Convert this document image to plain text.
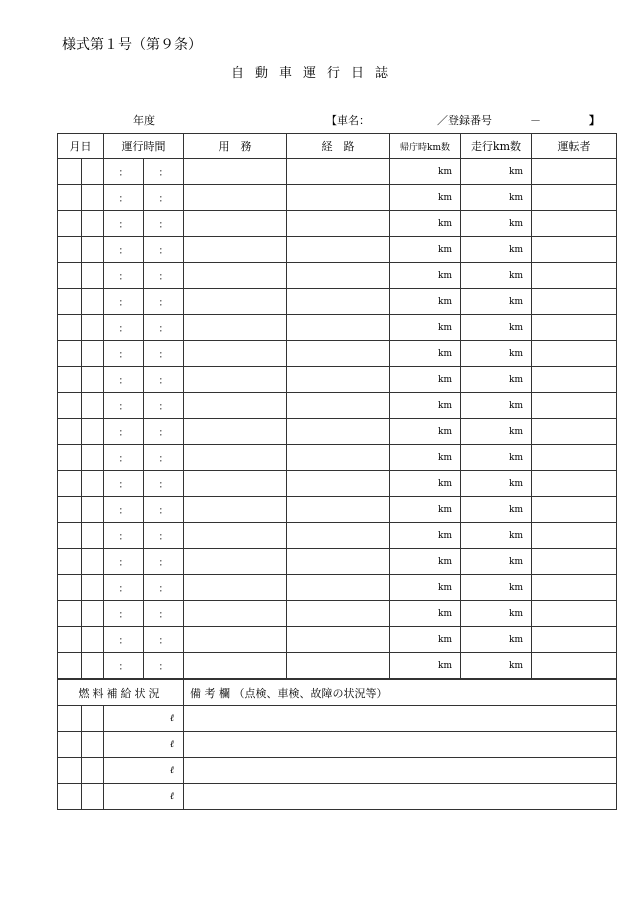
様式第１号（第９条）
自動車運行日誌
年度	【車名：	／登録番号	－	】
月日		運行時間		用　務	経　路	帰庁時km数	走行km数	運転者
		：	：			km	km	
		：	：			km	km	
		：	：			km	km	
		：	：			km	km	
		：	：			km	km	
		：	：			km	km	
		：	：			km	km	
		：	：			km	km	
		：	：			km	km	
		：	：			km	km	
		：	：			km	km	
		：	：			km	km	
		：	：			km	km	
		：	：			km	km	
		：	：			km	km	
		：	：			km	km	
		：	：			km	km	
		：	：			km	km	
		：	：			km	km	
		：	：			km	km	
燃料補給状況				備 考 欄 （点検、車検、故障の状況等）				
		ℓ						
		ℓ						
		ℓ						
		ℓ						
